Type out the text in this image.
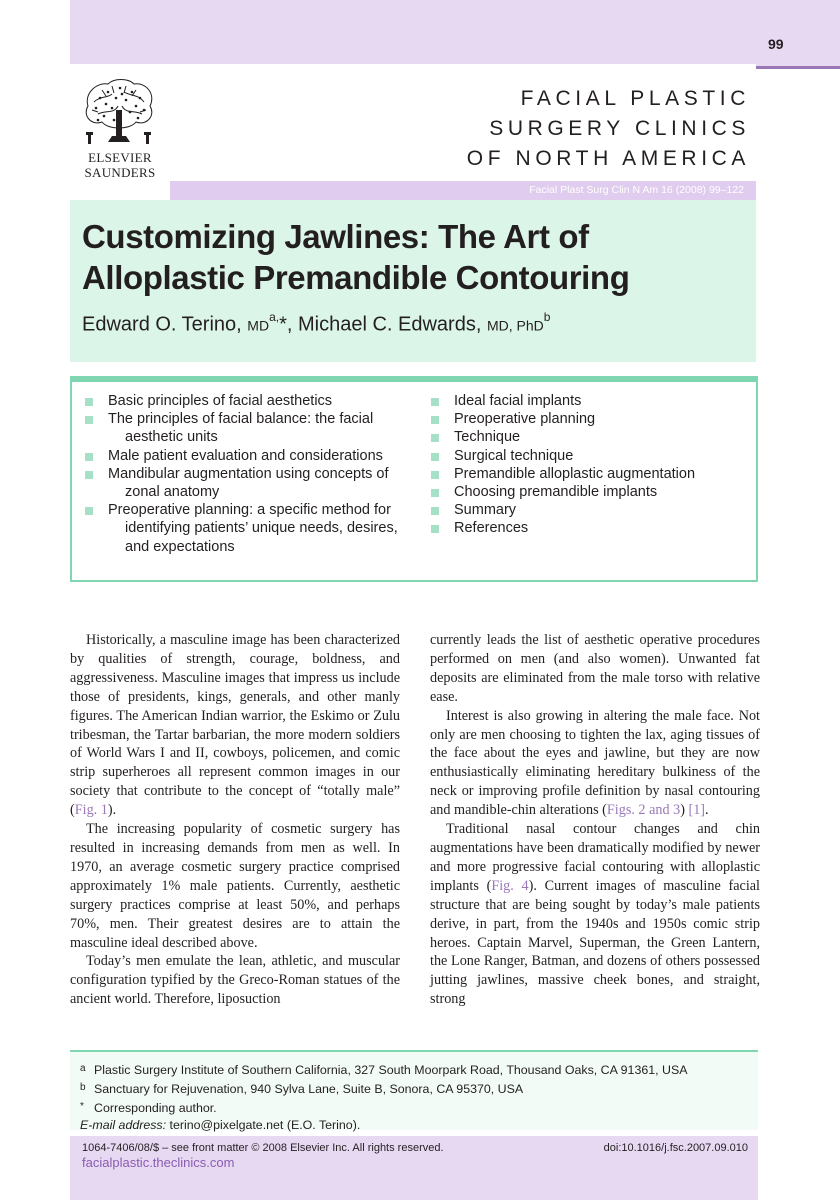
99
ELSEVIER
SAUNDERS
FACIAL PLASTIC
SURGERY CLINICS
OF NORTH AMERICA
Facial Plast Surg Clin N Am 16 (2008) 99–122
Customizing Jawlines: The Art of
Alloplastic Premandible Contouring
Edward O. Terino, $MD^{a,}*$, Michael C. Edwards, MD, PhD$^b$
Basic principles of facial aesthetics
The principles of facial balance: the facial aesthetic units
Male patient evaluation and considerations
Mandibular augmentation using concepts of zonal anatomy
Preoperative planning: a specific method for identifying patients’ unique needs, desires, and expectations
Ideal facial implants
Preoperative planning
Technique
Surgical technique
Premandible alloplastic augmentation
Choosing premandible implants
Summary
References

Historically, a masculine image has been characterized by qualities of strength, courage, boldness, and aggressiveness. Masculine images that impress us include those of presidents, kings, generals, and other manly figures. The American Indian warrior, the Eskimo or Zulu tribesman, the Tartar barbarian, the more modern soldiers of World Wars I and II, cowboys, policemen, and comic strip superheroes all represent common images in our society that contribute to the concept of “totally male” (Fig. 1).

The increasing popularity of cosmetic surgery has resulted in increasing demands from men as well. In 1970, an average cosmetic surgery practice comprised approximately 1% male patients. Currently, aesthetic surgery practices comprise at least 50%, and perhaps 70%, men. Their greatest desires are to attain the masculine ideal described above.

Today’s men emulate the lean, athletic, and muscular configuration typified by the Greco-Roman statues of the ancient world. Therefore, liposuction

currently leads the list of aesthetic operative procedures performed on men (and also women). Unwanted fat deposits are eliminated from the male torso with relative ease.

Interest is also growing in altering the male face. Not only are men choosing to tighten the lax, aging tissues of the face about the eyes and jawline, but they are now enthusiastically eliminating hereditary bulkiness of the neck or improving profile definition by nasal contouring and mandible-chin alterations (Figs. 2 and 3) [1].

Traditional nasal contour changes and chin augmentations have been dramatically modified by newer and more progressive facial contouring with alloplastic implants (Fig. 4). Current images of masculine facial structure that are being sought by today’s male patients derive, in part, from the 1940s and 1950s comic strip heroes. Captain Marvel, Superman, the Green Lantern, the Lone Ranger, Batman, and dozens of others possessed jutting jawlines, massive cheek bones, and straight, strong

a Plastic Surgery Institute of Southern California, 327 South Moorpark Road, Thousand Oaks, CA 91361, USA
b Sanctuary for Rejuvenation, 940 Sylva Lane, Suite B, Sonora, CA 95370, USA
* Corresponding author.
E-mail address: terino@pixelgate.net (E.O. Terino).
1064-7406/08/$ – see front matter © 2008 Elsevier Inc. All rights reserved.	doi:10.1016/j.fsc.2007.09.010
facialplastic.theclinics.com
